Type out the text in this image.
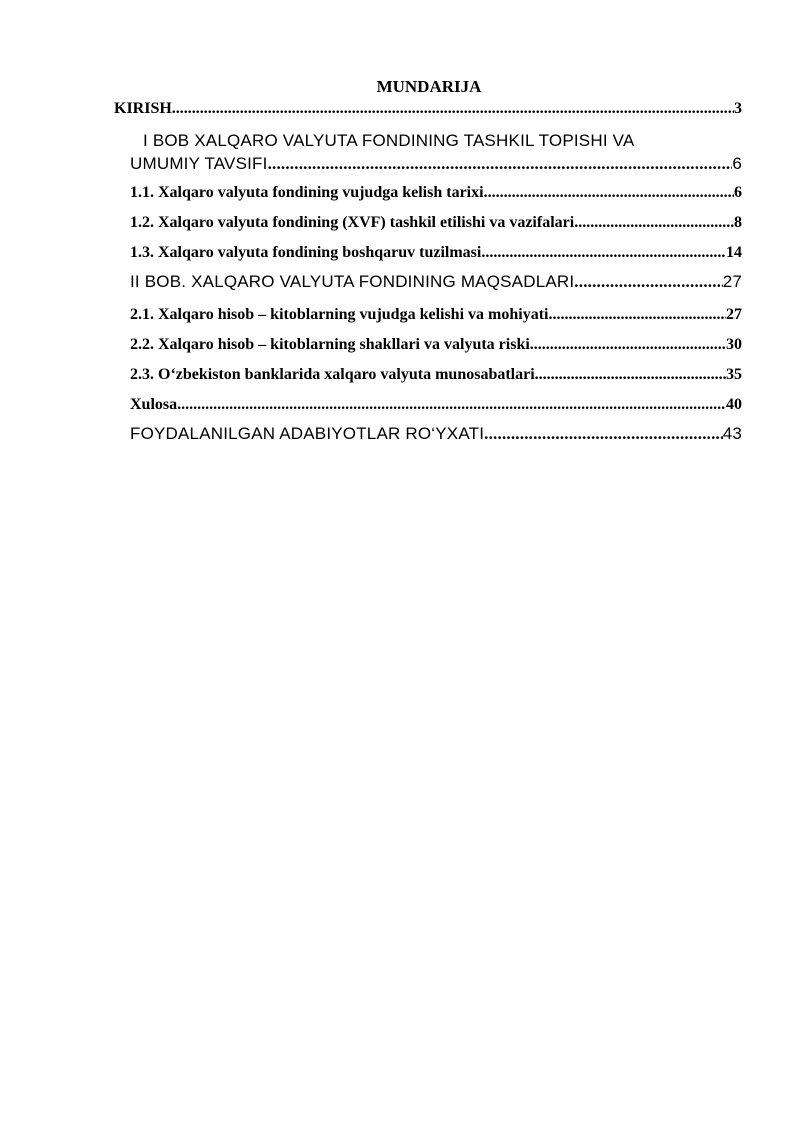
MUNDARIJA
KIRISH .....	3
I BOB XALQARO VALYUTA FONDINING TASHKIL TOPISHI VA
UMUMIY TAVSIFI .....	6
1.1. Xalqaro valyuta fondining vujudga kelish tarixi .....	6
1.2. Xalqaro valyuta fondining (XVF) tashkil etilishi va vazifalari .....	8
1.3. Xalqaro valyuta fondining boshqaruv tuzilmasi .....	14
II BOB. XALQARO VALYUTA FONDINING MAQSADLARI .....	27
2.1. Xalqaro hisob – kitoblarning vujudga kelishi va mohiyati .....	27
2.2. Xalqaro hisob – kitoblarning shakllari va valyuta riski .....	30
2.3. O‘zbekiston banklarida xalqaro valyuta munosabatlari .....	35
Xulosa .....	40
FOYDALANILGAN ADABIYOTLAR RO‘YXATI .....	43
